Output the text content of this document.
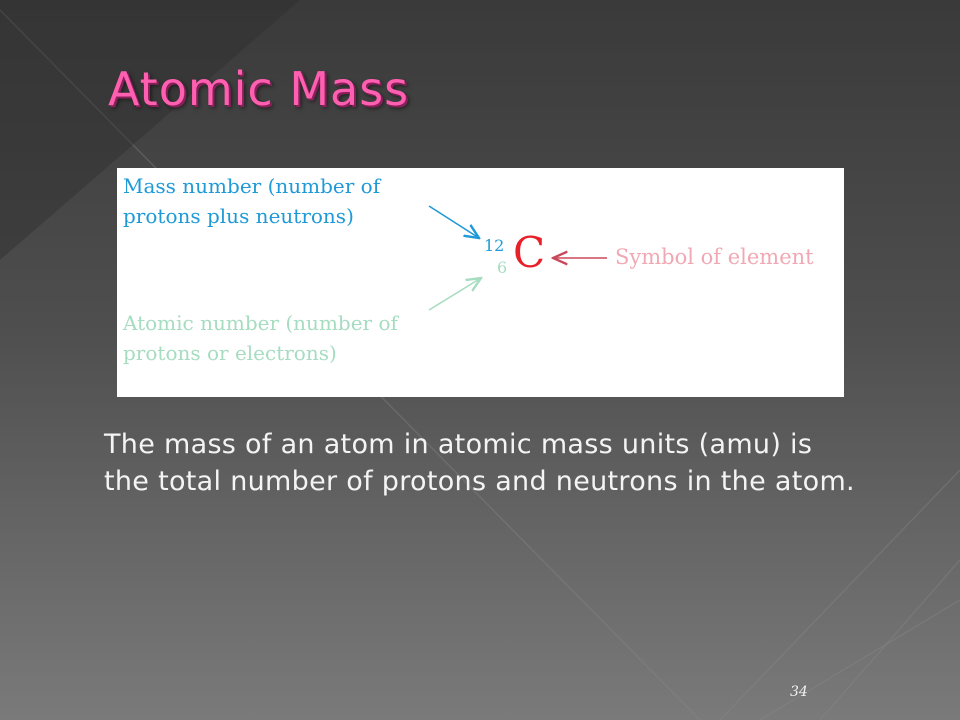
Atomic Mass

Mass number (number of protons plus neutrons)

Atomic number (number of protons or electrons)

12
6 C	Symbol of element

The mass of an atom in atomic mass units (amu) is the total number of protons and neutrons in the atom.

34
